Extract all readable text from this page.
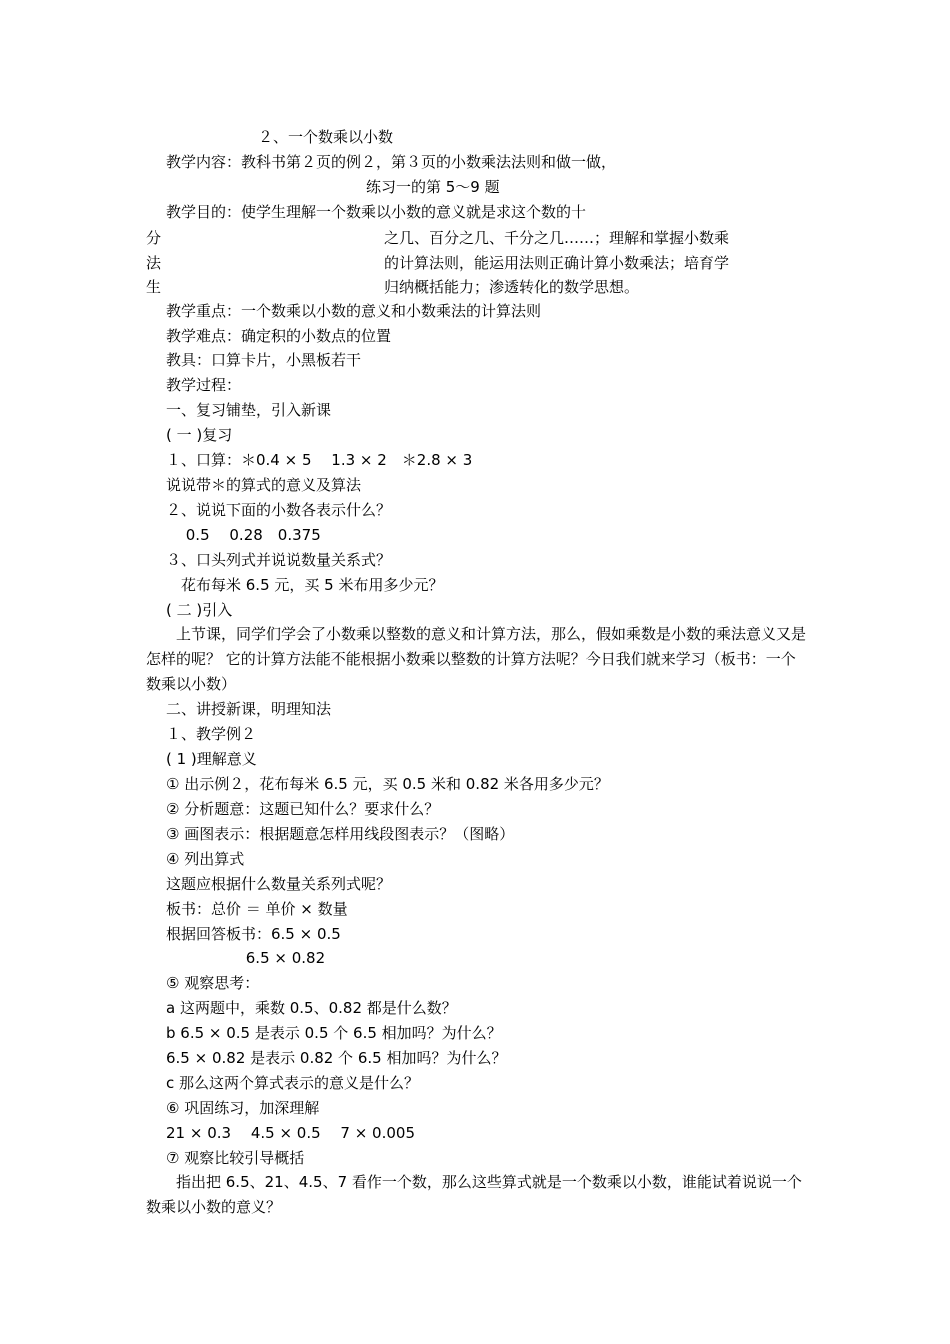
２、一个数乘以小数
教学内容：教科书第２页的例２，第３页的小数乘法法则和做一做，
练习一的第 5～9 题
教学目的：使学生理解一个数乘以小数的意义就是求这个数的十
分
法
生
之几、百分之几、千分之几……；理解和掌握小数乘
的计算法则，能运用法则正确计算小数乘法；培育学
归纳概括能力；渗透转化的数学思想。
教学重点：一个数乘以小数的意义和小数乘法的计算法则
教学难点：确定积的小数点的位置
教具：口算卡片，小黑板若干
教学过程：
一、复习铺垫，引入新课
( 一 )复习
１、口算：＊0.4 × 5　 1.3 × 2　＊2.8 × 3
说说带＊的算式的意义及算法
２、说说下面的小数各表示什么？
　 0.5　 0.28　0.375
３、口头列式并说说数量关系式？
　花布每米 6.5 元，买 5 米布用多少元？
( 二 )引入
　　上节课，同学们学会了小数乘以整数的意义和计算方法，那么，假如乘数是小数的乘法意义又是怎样的呢？ 它的计算方法能不能根据小数乘以整数的计算方法呢？今日我们就来学习（板书：一个数乘以小数）
二、讲授新课，明理知法
１、教学例２
( 1 )理解意义
① 出示例２，花布每米 6.5 元，买 0.5 米和 0.82 米各用多少元？
② 分析题意：这题已知什么？要求什么？
③ 画图表示：根据题意怎样用线段图表示？（图略）
④ 列出算式
这题应根据什么数量关系列式呢？
板书：总价 ＝ 单价 × 数量
根据回答板书：6.5 × 0.5
　　　　　 6.5 × 0.82
⑤ 观察思考：
a 这两题中，乘数 0.5、0.82 都是什么数？
b 6.5 × 0.5 是表示 0.5 个 6.5 相加吗？为什么？
6.5 × 0.82 是表示 0.82 个 6.5 相加吗？为什么？
c 那么这两个算式表示的意义是什么？
⑥ 巩固练习，加深理解
21 × 0.3　 4.5 × 0.5　 7 × 0.005
⑦ 观察比较引导概括
　　指出把 6.5、21、4.5、7 看作一个数，那么这些算式就是一个数乘以小数，谁能试着说说一个数乘以小数的意义？
